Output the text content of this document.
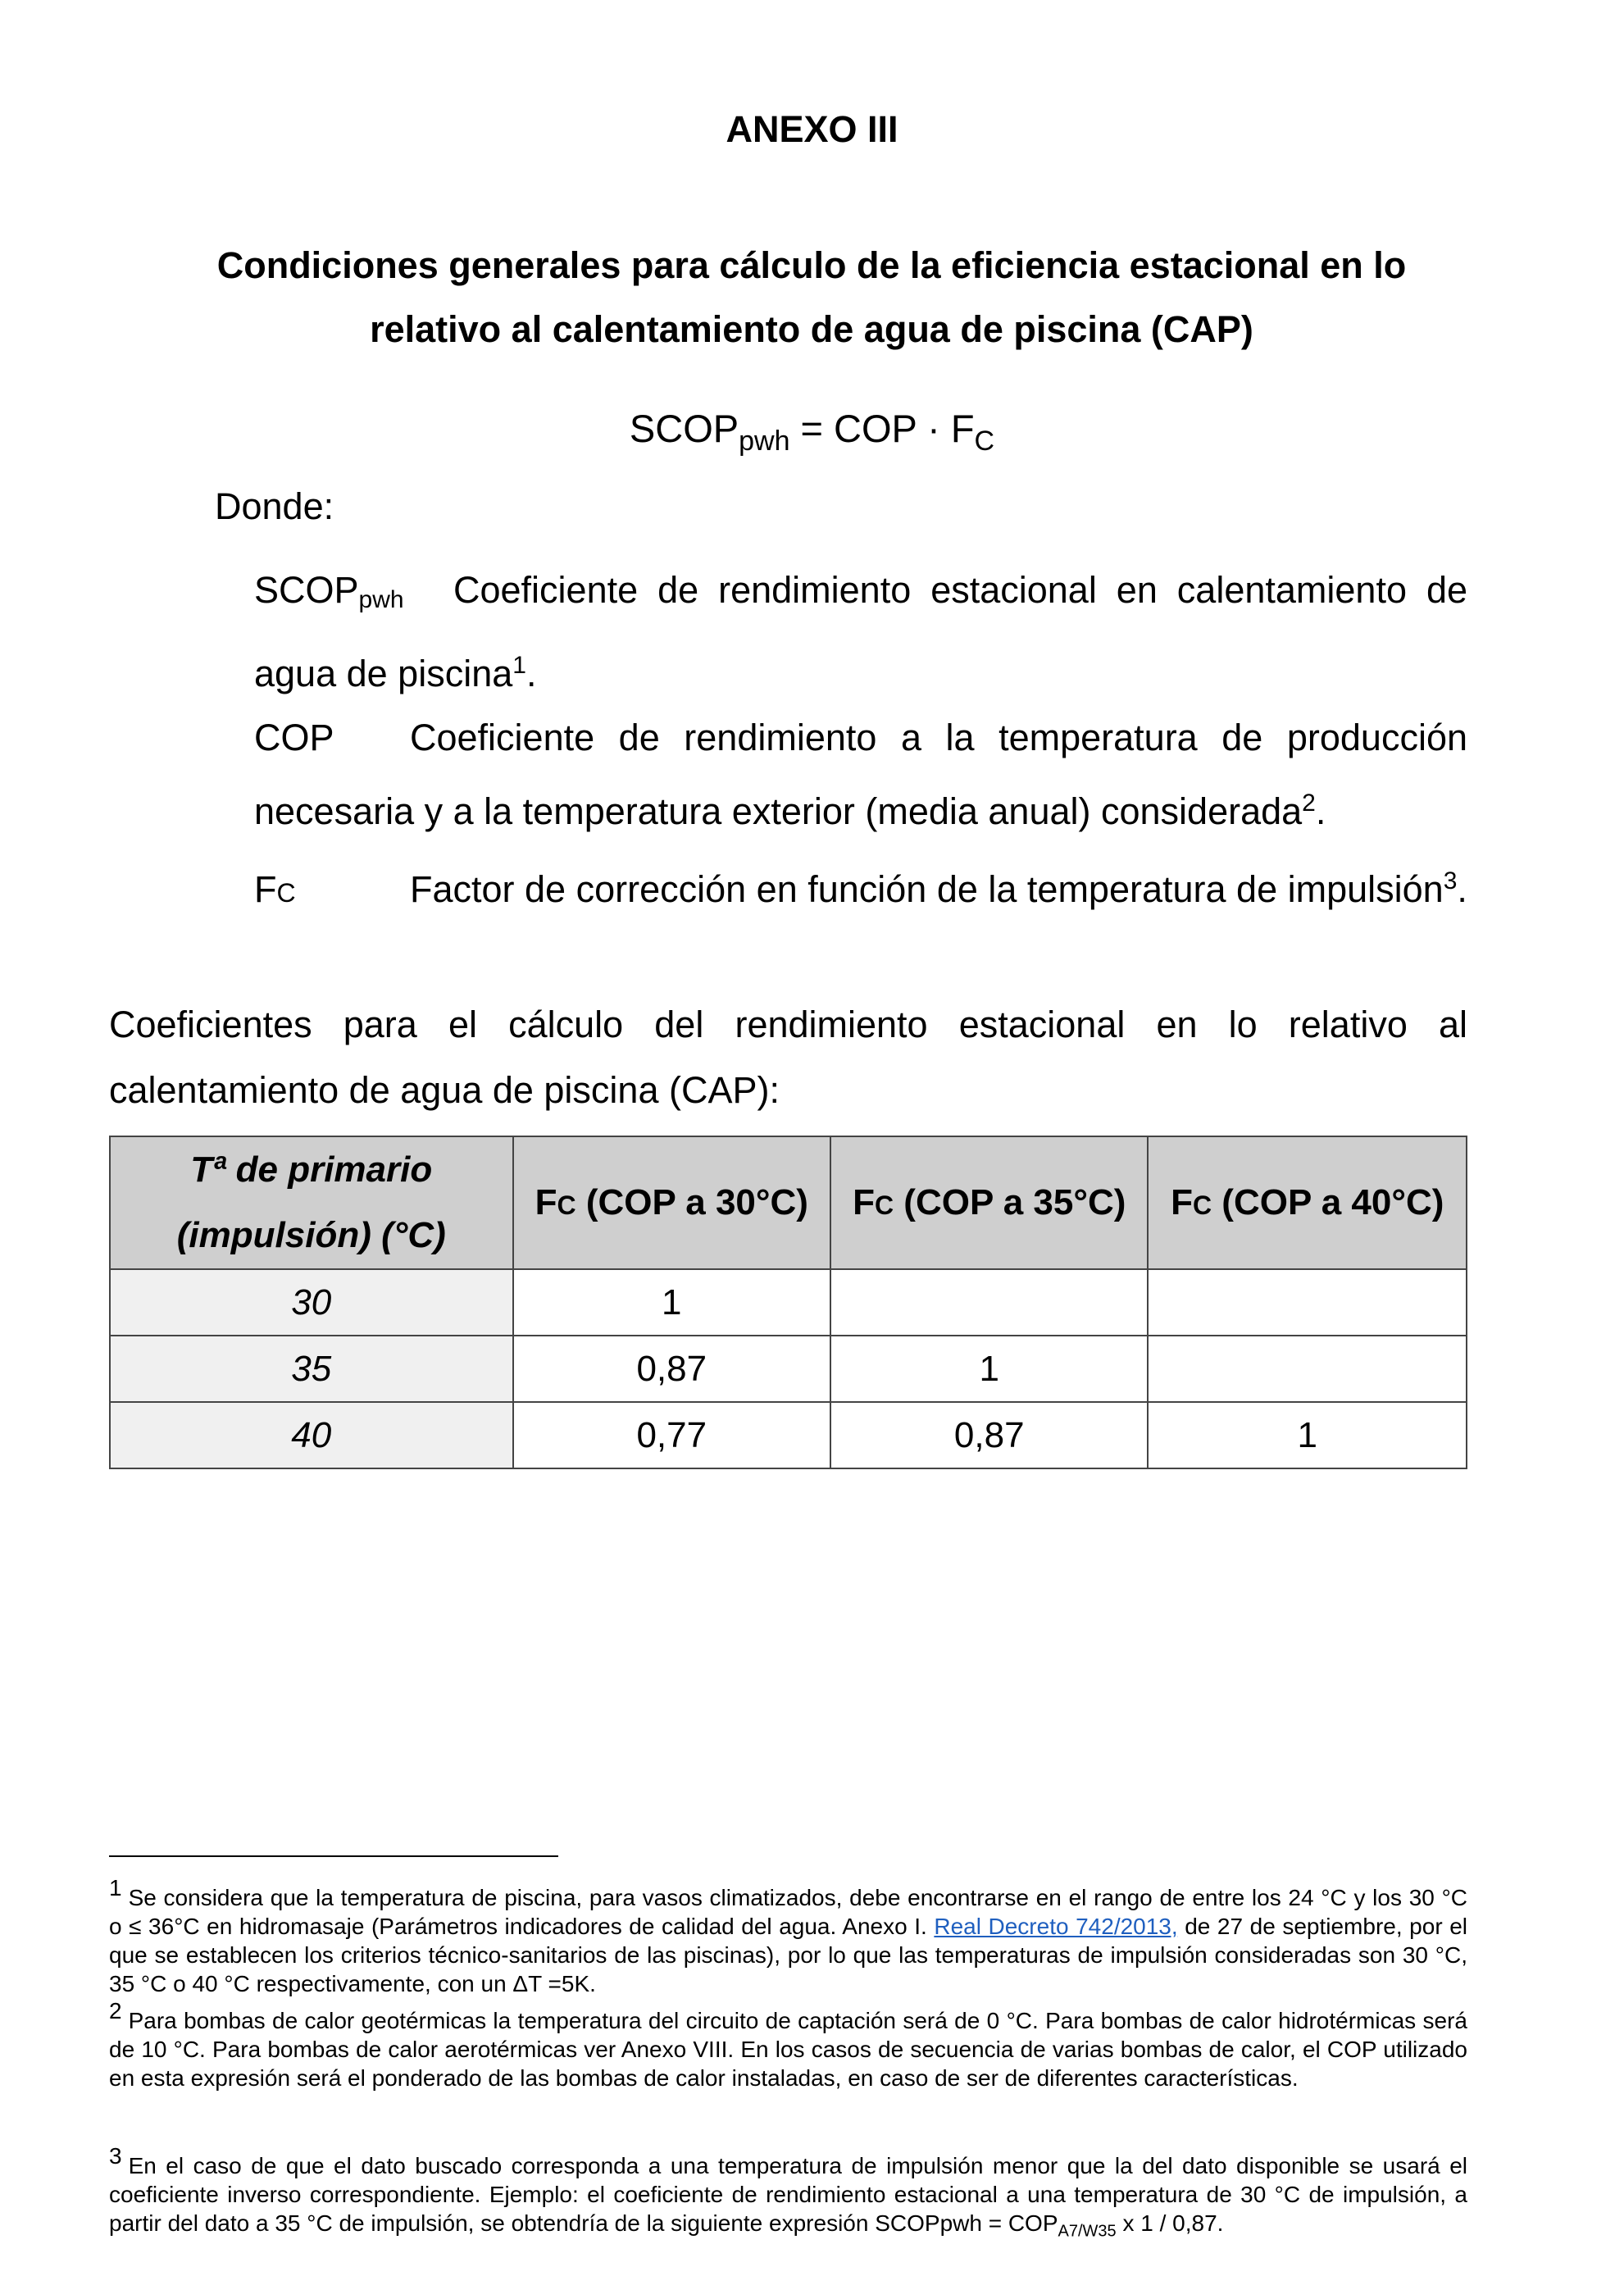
ANEXO III
Condiciones generales para cálculo de la eficiencia estacional en lo relativo al calentamiento de agua de piscina (CAP)
$SCOP_{pwh}$ = COP · $F_C$
Donde:
$SCOP_{pwh}$ Coeficiente de rendimiento estacional en calentamiento de agua de piscina$^1$.
COP Coeficiente de rendimiento a la temperatura de producción necesaria y a la temperatura exterior (media anual) considerada$^2$.
FC	Factor de corrección en función de la temperatura de impulsión$^3$.
Coeficientes para el cálculo del rendimiento estacional en lo relativo al calentamiento de agua de piscina (CAP):
Tª de primario
(impulsión) (°C)	FC (COP a 30°C)	FC (COP a 35°C)	FC (COP a 40°C)
30	1		
35	0,87	1	
40	0,77	0,87	1
1 Se considera que la temperatura de piscina, para vasos climatizados, debe encontrarse en el rango de entre los 24 °C y los 30 °C o ≤ 36°C en hidromasaje (Parámetros indicadores de calidad del agua. Anexo I. Real Decreto 742/2013, de 27 de septiembre, por el que se establecen los criterios técnico-sanitarios de las piscinas), por lo que las temperaturas de impulsión consideradas son 30 °C, 35 °C o 40 °C respectivamente, con un ΔT =5K.
2 Para bombas de calor geotérmicas la temperatura del circuito de captación será de 0 °C. Para bombas de calor hidrotérmicas será de 10 °C. Para bombas de calor aerotérmicas ver Anexo VIII. En los casos de secuencia de varias bombas de calor, el COP utilizado en esta expresión será el ponderado de las bombas de calor instaladas, en caso de ser de diferentes características.
3 En el caso de que el dato buscado corresponda a una temperatura de impulsión menor que la del dato disponible se usará el coeficiente inverso correspondiente. Ejemplo: el coeficiente de rendimiento estacional a una temperatura de 30 °C de impulsión, a partir del dato a 35 °C de impulsión, se obtendría de la siguiente expresión SCOPpwh = $COP_{A7/W35}$ x 1 / 0,87.
